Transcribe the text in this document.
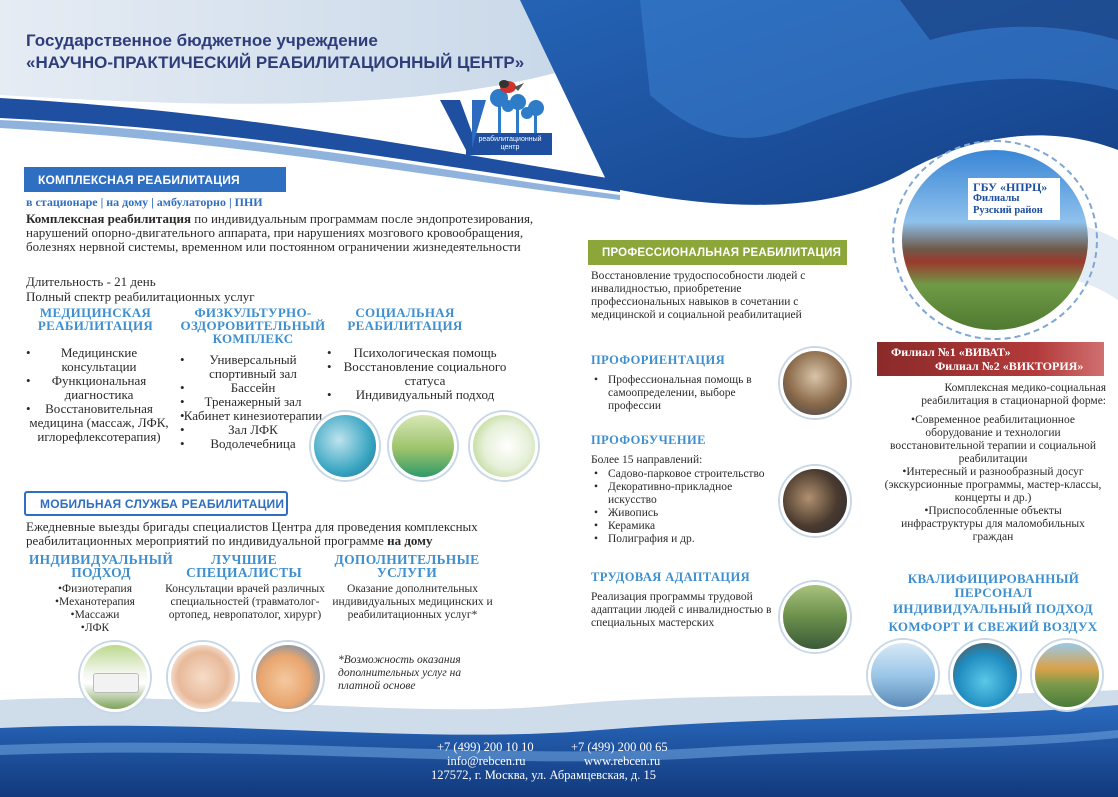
Государственное бюджетное учреждение
«НАУЧНО-ПРАКТИЧЕСКИЙ РЕАБИЛИТАЦИОННЫЙ ЦЕНТР»
реабилитационный
центр
КОМПЛЕКСНАЯ РЕАБИЛИТАЦИЯ
в стационаре | на дому | амбулаторно | ПНИ
Комплексная реабилитация по индивидуальным программам после эндопротезирования, нарушений опорно-двигательного аппарата, при нарушениях мозгового кровообращения, болезнях нервной системы, временном или постоянном ограничении жизнедеятельности
Длительность - 21 день
Полный спектр реабилитационных услуг
МЕДИЦИНСКАЯ РЕАБИЛИТАЦИЯ
• Медицинские консультации
• Функциональная диагностика
• Восстановительная медицина (массаж, ЛФК, иглорефлексотерапия)
ФИЗКУЛЬТУРНО-ОЗДОРОВИТЕЛЬНЫЙ КОМПЛЕКС
• Универсальный спортивный зал
• Бассейн
• Тренажерный зал
• Кабинет кинезиотерапии
• Зал ЛФК
• Водолечебница
СОЦИАЛЬНАЯ РЕАБИЛИТАЦИЯ
• Психологическая помощь
• Восстановление социального статуса
• Индивидуальный подход
МОБИЛЬНАЯ СЛУЖБА РЕАБИЛИТАЦИИ
Ежедневные выезды бригады специалистов Центра для проведения комплексных реабилитационных мероприятий по индивидуальной программе на дому
ИНДИВИДУАЛЬНЫЙ ПОДХОД
•Физиотерапия
•Механотерапия
•Массажи
•ЛФК
ЛУЧШИЕ СПЕЦИАЛИСТЫ
Консультации врачей различных специальностей (травматолог-ортопед, невропатолог, хирург)
ДОПОЛНИТЕЛЬНЫЕ УСЛУГИ
Оказание дополнительных индивидуальных медицинских и реабилитационных услуг*
*Возможность оказания дополнительных услуг на платной основе
ПРОФЕССИОНАЛЬНАЯ РЕАБИЛИТАЦИЯ
Восстановление трудоспособности людей с инвалидностью, приобретение профессиональных навыков в сочетании с медицинской и социальной реабилитацией
ПРОФОРИЕНТАЦИЯ
• Профессиональная помощь в самоопределении, выборе профессии
ПРОФОБУЧЕНИЕ
Более 15 направлений:
• Садово-парковое строительство
• Декоративно-прикладное искусство
• Живопись
• Керамика
• Полиграфия и др.
ТРУДОВАЯ АДАПТАЦИЯ
Реализация программы трудовой адаптации людей с инвалидностью в специальных мастерских
ГБУ «НПРЦ»
Филиалы
Рузский район
Филиал №1 «ВИВАТ»
Филиал №2 «ВИКТОРИЯ»
Комплексная медико-социальная реабилитация в стационарной форме:
•Современное реабилитационное оборудование и технологии восстановительной терапии и социальной реабилитации
•Интересный и разнообразный досуг (экскурсионные программы, мастер-классы, концерты и др.)
•Приспособленные объекты инфраструктуры для маломобильных граждан
КВАЛИФИЦИРОВАННЫЙ ПЕРСОНАЛ
ИНДИВИДУАЛЬНЫЙ ПОДХОД
КОМФОРТ И СВЕЖИЙ ВОЗДУХ
+7 (499) 200 10 10	+7 (499) 200 00 65
info@rebcen.ru	www.rebcen.ru
127572, г. Москва, ул. Абрамцевская, д. 15
